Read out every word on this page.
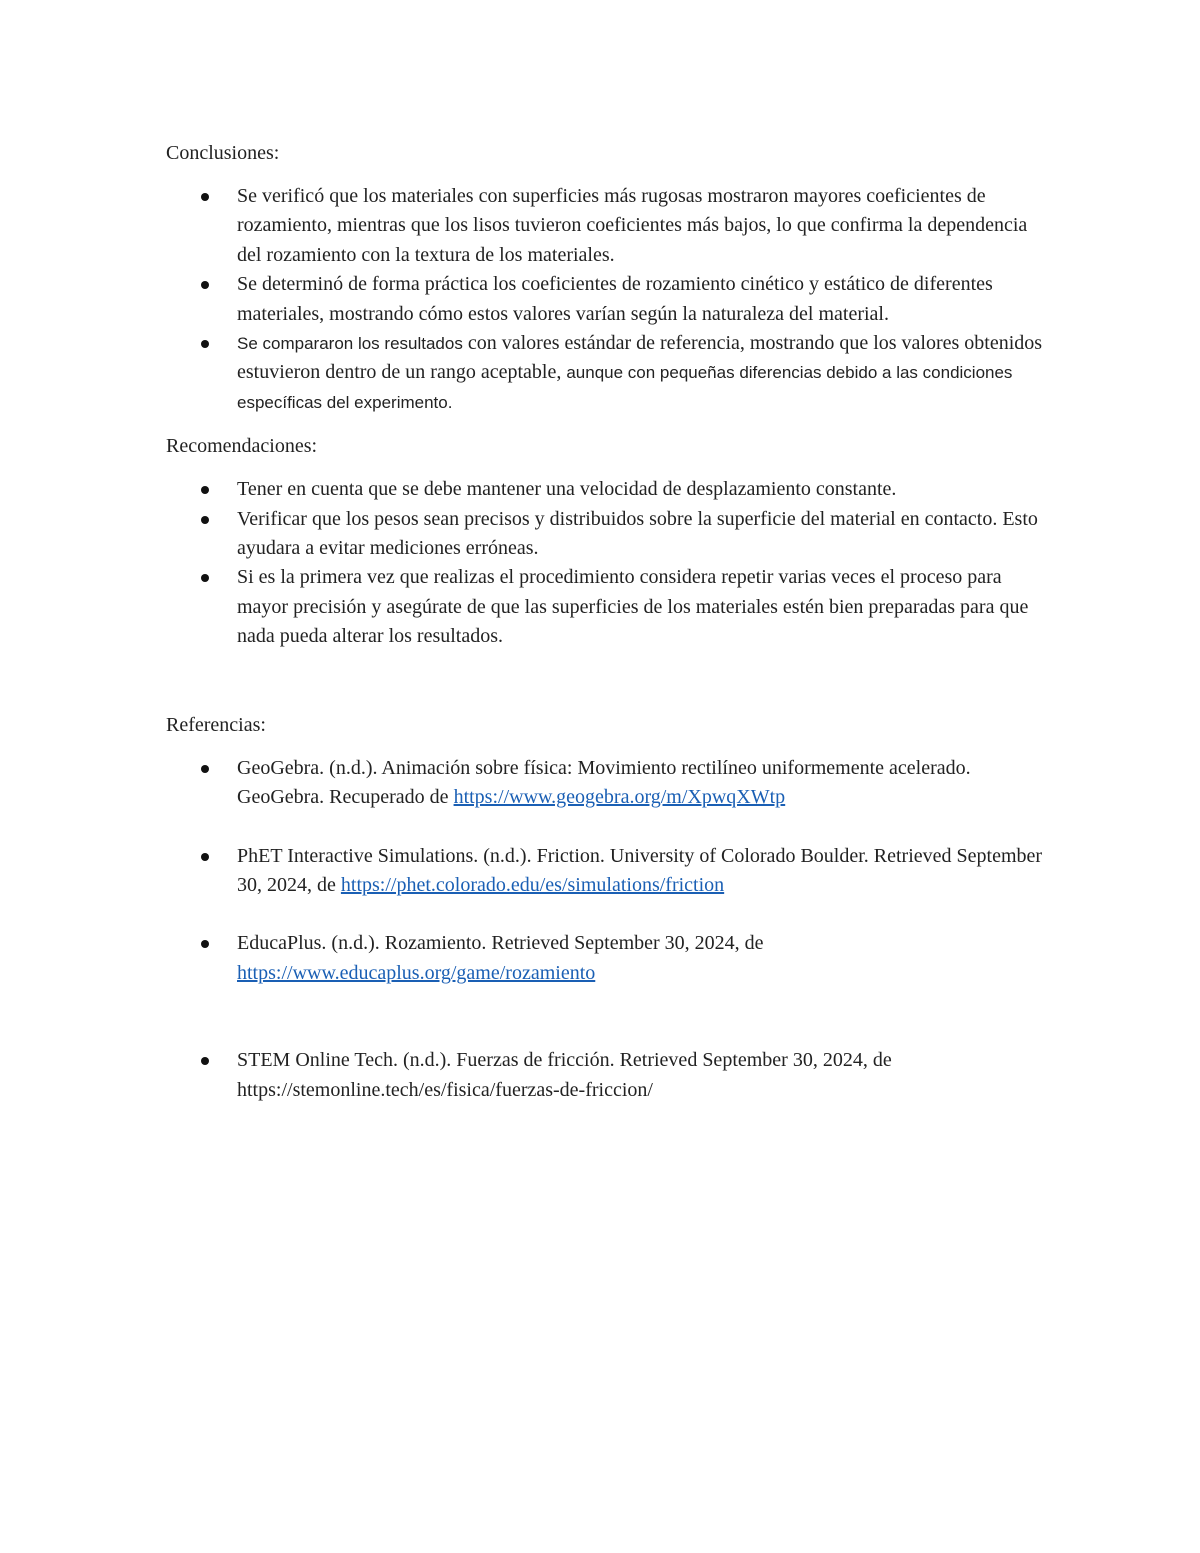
Conclusiones:

Se verificó que los materiales con superficies más rugosas mostraron mayores coeficientes de rozamiento, mientras que los lisos tuvieron coeficientes más bajos, lo que confirma la dependencia del rozamiento con la textura de los materiales.
Se determinó de forma práctica los coeficientes de rozamiento cinético y estático de diferentes materiales, mostrando cómo estos valores varían según la naturaleza del material.
Se compararon los resultados con valores estándar de referencia, mostrando que los valores obtenidos estuvieron dentro de un rango aceptable, aunque con pequeñas diferencias debido a las condiciones específicas del experimento.

Recomendaciones:

Tener en cuenta que se debe mantener una velocidad de desplazamiento constante.
Verificar que los pesos sean precisos y distribuidos sobre la superficie del material en contacto. Esto ayudara a evitar mediciones erróneas.
Si es la primera vez que realizas el procedimiento considera repetir varias veces el proceso para mayor precisión y asegúrate de que las superficies de los materiales estén bien preparadas para que nada pueda alterar los resultados.

Referencias:

GeoGebra. (n.d.). Animación sobre física: Movimiento rectilíneo uniformemente acelerado. GeoGebra. Recuperado de https://www.geogebra.org/m/XpwqXWtp
PhET Interactive Simulations. (n.d.). Friction. University of Colorado Boulder. Retrieved September 30, 2024, de https://phet.colorado.edu/es/simulations/friction
EducaPlus. (n.d.). Rozamiento. Retrieved September 30, 2024, de https://www.educaplus.org/game/rozamiento
STEM Online Tech. (n.d.). Fuerzas de fricción. Retrieved September 30, 2024, de https://stemonline.tech/es/fisica/fuerzas-de-friccion/
